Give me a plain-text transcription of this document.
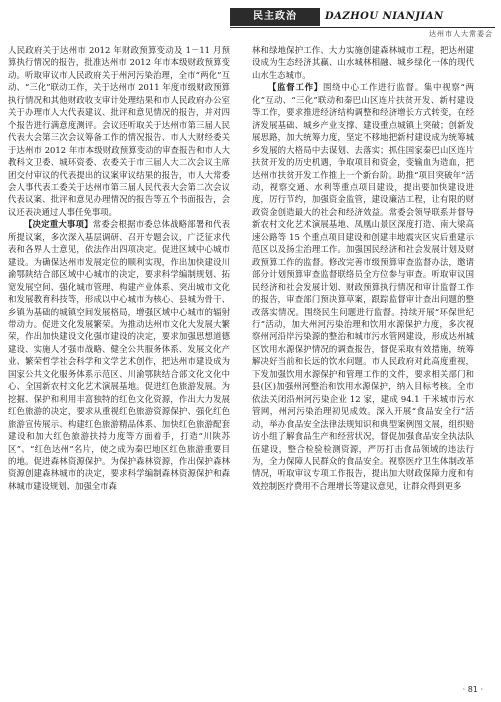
民主政治	DAZHOU NIANJIAN
达州市人大常委会

人民政府关于达州市 2012 年财政预算变动及 1－11 月预算执行情况的报告，批准达州市 2012 年市本级财政预算变动。听取审议市人民政府关于州河污染治理，全市“两化”互动、“三化”联动工作，关于达州市 2011 年度市级财政预算执行情况和其他财政收支审计处理结果和市人民政府办公室关于办理市人大代表建议、批评和意见情况的报告，并对四个报告进行满意度测评。会议还听取关于达州市第三届人民代表大会第三次会议筹备工作的情况报告、市人大财经委关于达州市 2012 年市本级财政预算变动的审查报告和市人大教科文卫委、城环资委、农委关于市三届人大二次会议主席团交付审议的代表提出的议案审议结果的报告，市人大常委会人事代表工委关于达州市第三届人民代表大会第二次会议代表议案、批评和意见办理情况的报告等五个书面报告，会议还表决通过人事任免事项。

【决定重大事项】常委会根据市委总体战略部署和代表所提议案，多次深入基层调研、召开专题会议，广泛征求代表和各界人士意见，依法作出四项决定。促进区域中心城市建设。为确保达州市发展定位的顺利实现，作出加快建设川渝鄂陕结合部区域中心城市的决定，要求科学编制规划、拓宽发展空间、强化城市管理、构建产业体系、突出城市文化和发展教育科技等，形成以中心城市为核心、县城为骨干、乡镇为基础的城镇空间发展格局，增强区域中心城市的辐射带动力。促进文化发展繁荣。为推动达州市文化大发展大繁荣，作出加快建设文化强市建设的决定，要求加强思想道德建设、实施人才强市战略、健全公共服务体系、发展文化产业、繁荣哲学社会科学和文学艺术创作，把达州市建设成为国家公共文化服务体系示范区、川渝鄂陕结合部文化文化中心、全国新农村文化艺术演展基地。促进红色旅游发展。为挖掘、保护和利用丰富独特的红色文化资源，作出大力发展红色旅游的决定，要求从重视红色旅游资源保护、强化红色旅游宣传展示、构建红色旅游精品体系、加快红色旅游配套建设和加大红色旅游扶持力度等方面着手，打造“川陕苏区”、“红色达州”名片，使之成为秦巴地区红色旅游重要目的地。促进森林资源保护。为保护森林资源，作出保护森林资源创建森林城市的决定，要求科学编制森林资源保护和森林城市建设规划、加强全市森

林和绿地保护工作、大力实施创建森林城市工程，把达州建设成为生态经济其赢、山水城林相融、城乡绿化一体的现代山水生态城市。

【监督工作】围绕中心工作进行监督。集中视察“两化”互动、“三化”联动和秦巴山区连片扶贫开发、新村建设等工作，要求推进经济结构调整和经济增长方式转变，在经济发展基础、城乡产业支撑、建设重点城镇上突破；创新发展思路，加大统筹力度，坚定不移地把新村建设成为统筹城乡发展的大格局中去谋划、去落实；抓住国家秦巴山区连片扶贫开发的历史机遇，争取项目和资金，变输血为造血，把达州市扶贫开发工作推上一个新台阶。助推“项目突破年”活动，视察交通、水利等重点项目建设，提出要加快建设进度，厉行节约，加强资金监管，建设廉洁工程，让有限的财政资金创造最大的社会和经济效益。常委会领导联系并督导新农村文化艺术演展基地、凤凰山景区深度打造、南大梁高速公路等 15 个重点项目建设和创建丰地震灾区灾后重建示范区以及扬尘治理工作。加强国民经济和社会发展计划及财政预算工作的监督。修改完善市级预算审查监督办法，邀请部分计划预算审查监督联络员全方位参与审查。听取审议国民经济和社会发展计划、财政预算执行情况和审计监督工作的报告，审查部门预决算草案，跟踪监督审计查出问题的整改落实情况。围绕民生问题进行监督。持续开展“环保世纪行”活动，加大州河污染治理和饮用水源保护力度，多次视察州河沿岸污染源的整治和城市污水管网建设，形成达州城区饮用水源保护情况的调查报告，督促采取有效措施，统筹解决好当前和长远的饮水问题。市人民政府对此高度重视，下发加强饮用水源保护和管理工作的文件，要求相关部门和县(区)加强州河整治和饮用水源保护，纳入目标考核。全市依法关闭沿州河污染企业 12 家，建成 94.1 千米城市污水管网，州河污染治理初见成效。深入开展“食品安全行”活动，举办食品安全法律法规知识和典型案例图文展，组织赔访小组了解食品生产和经营状况，督促加强食品安全执法队伍建设，整合检验检测资源，严厉打击食品领域的违法行为，全力保障人民群众的食品安全。视察医疗卫生体制改革情况，听取审议专项工作报告，提出加大财政保障力度和有效控制医疗费用不合理增长等建议意见，让群众得到更多

· 81 ·
